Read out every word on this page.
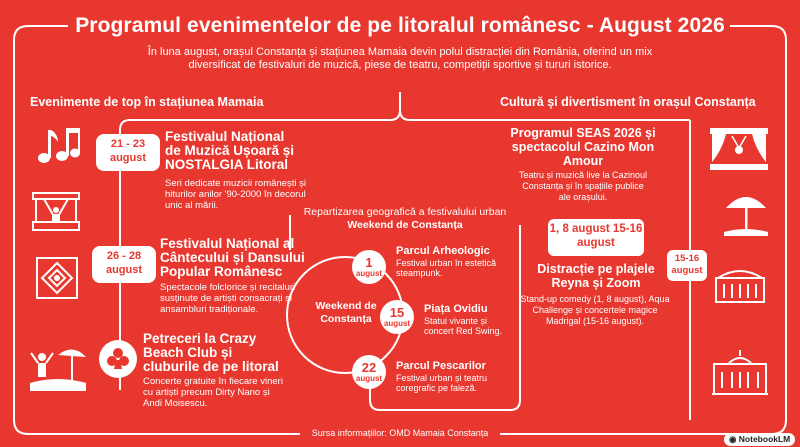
Programul evenimentelor de pe litoralul românesc - August 2026
În luna august, orașul Constanța și stațiunea Mamaia devin polul distracției din România, oferind un mix diversificat de festivaluri de muzică, piese de teatru, competiții sportive și tururi istorice.
Evenimente de top în stațiunea Mamaia	Cultură și divertisment în orașul Constanța
21 - 23 august
Festivalul Național de Muzică Ușoară și NOSTALGIA Litoral
Seri dedicate muzicii românești și hiturilor anilor '90-2000 în decorul unic al mării.
26 - 28 august
Festivalul Național al Cântecului și Dansului Popular Românesc
Spectacole folclorice și recitaluri susținute de artiști consacrați și ansambluri tradiționale.
Petreceri la Crazy Beach Club și cluburile de pe litoral
Concerte gratuite în fiecare vineri cu artiști precum Dirty Nano și Andi Moisescu.
Repartizarea geografică a festivalului urban
Weekend de Constanța
Weekend de Constanța
1
august
Parcul Arheologic
Festival urban în estetică steampunk.
15
august
Piața Ovidiu
Statui vivante și concert Red Swing.
22
august
Parcul Pescarilor
Festival urban și teatru coregrafic pe faleză.
Programul SEAS 2026 și spectacolul Cazino Mon Amour
Teatru și muzică live la Cazinoul Constanța și în spațiile publice ale orașului.
1, 8 august 15-16 august
Distracție pe plajele Reyna și Zoom
Stand-up comedy (1, 8 august), Aqua Challenge și concertele magice Madrigal (15-16 august).
15-16 august
Sursa informațiilor: OMD Mamaia Constanța
◉ NotebookLM
